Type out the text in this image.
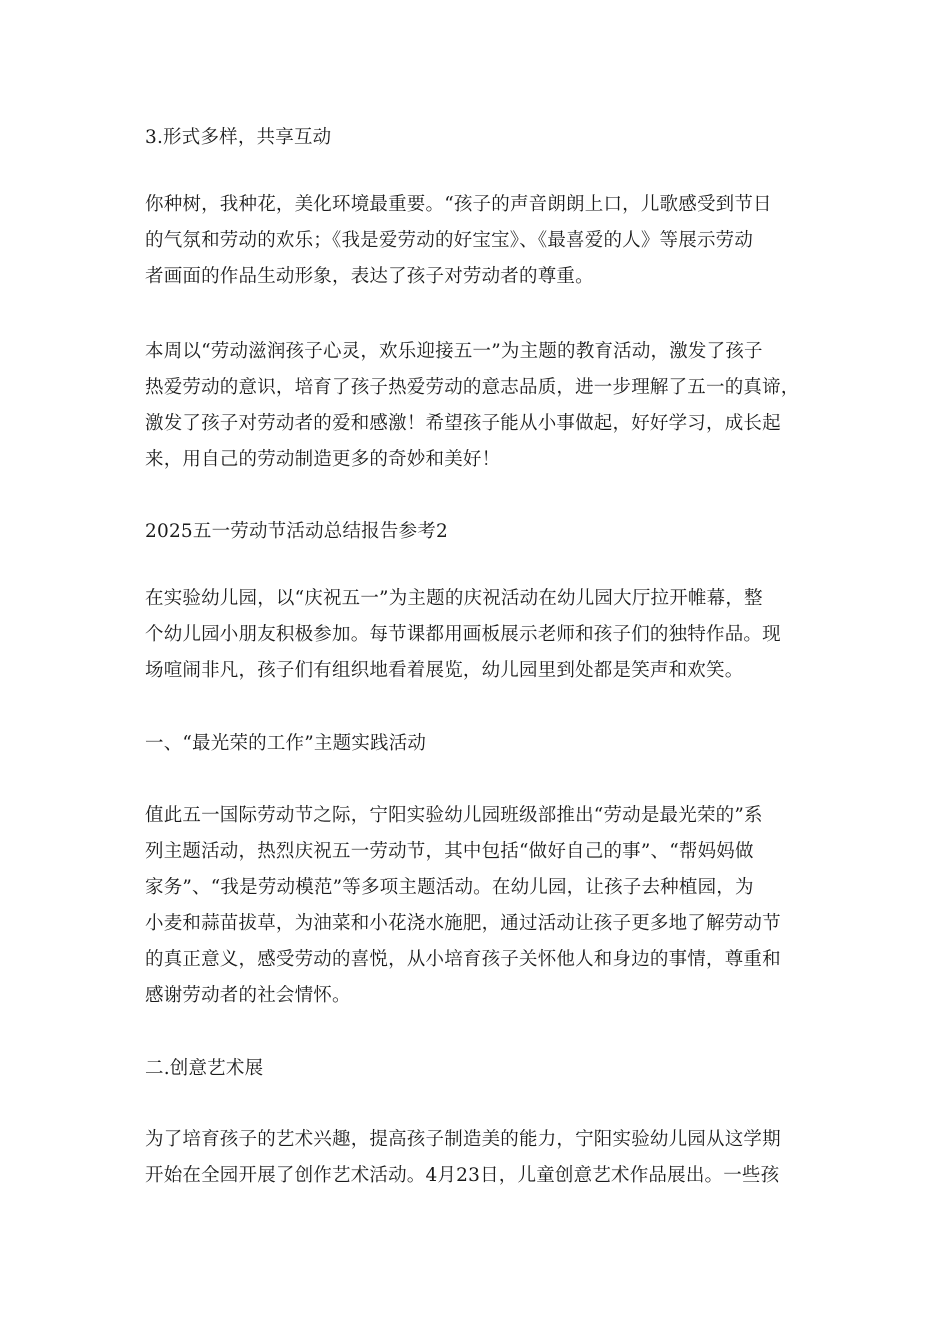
3.形式多样，共享互动
你种树，我种花，美化环境最重要。“孩子的声音朗朗上口，儿歌感受到节日
的气氛和劳动的欢乐；《我是爱劳动的好宝宝》、《最喜爱的人》等展示劳动
者画面的作品生动形象，表达了孩子对劳动者的尊重。
本周以“劳动滋润孩子心灵，欢乐迎接五一”为主题的教育活动，激发了孩子
热爱劳动的意识，培育了孩子热爱劳动的意志品质，进一步理解了五一的真谛，
激发了孩子对劳动者的爱和感激！希望孩子能从小事做起，好好学习，成长起
来，用自己的劳动制造更多的奇妙和美好！
2025五一劳动节活动总结报告参考2
在实验幼儿园，以“庆祝五一”为主题的庆祝活动在幼儿园大厅拉开帷幕，整
个幼儿园小朋友积极参加。每节课都用画板展示老师和孩子们的独特作品。现
场喧闹非凡，孩子们有组织地看着展览，幼儿园里到处都是笑声和欢笑。
一、“最光荣的工作”主题实践活动
值此五一国际劳动节之际，宁阳实验幼儿园班级部推出“劳动是最光荣的”系
列主题活动，热烈庆祝五一劳动节，其中包括“做好自己的事”、“帮妈妈做
家务”、“我是劳动模范”等多项主题活动。在幼儿园，让孩子去种植园，为
小麦和蒜苗拔草，为油菜和小花浇水施肥，通过活动让孩子更多地了解劳动节
的真正意义，感受劳动的喜悦，从小培育孩子关怀他人和身边的事情，尊重和
感谢劳动者的社会情怀。
二.创意艺术展
为了培育孩子的艺术兴趣，提高孩子制造美的能力，宁阳实验幼儿园从这学期
开始在全园开展了创作艺术活动。4月23日，儿童创意艺术作品展出。一些孩
